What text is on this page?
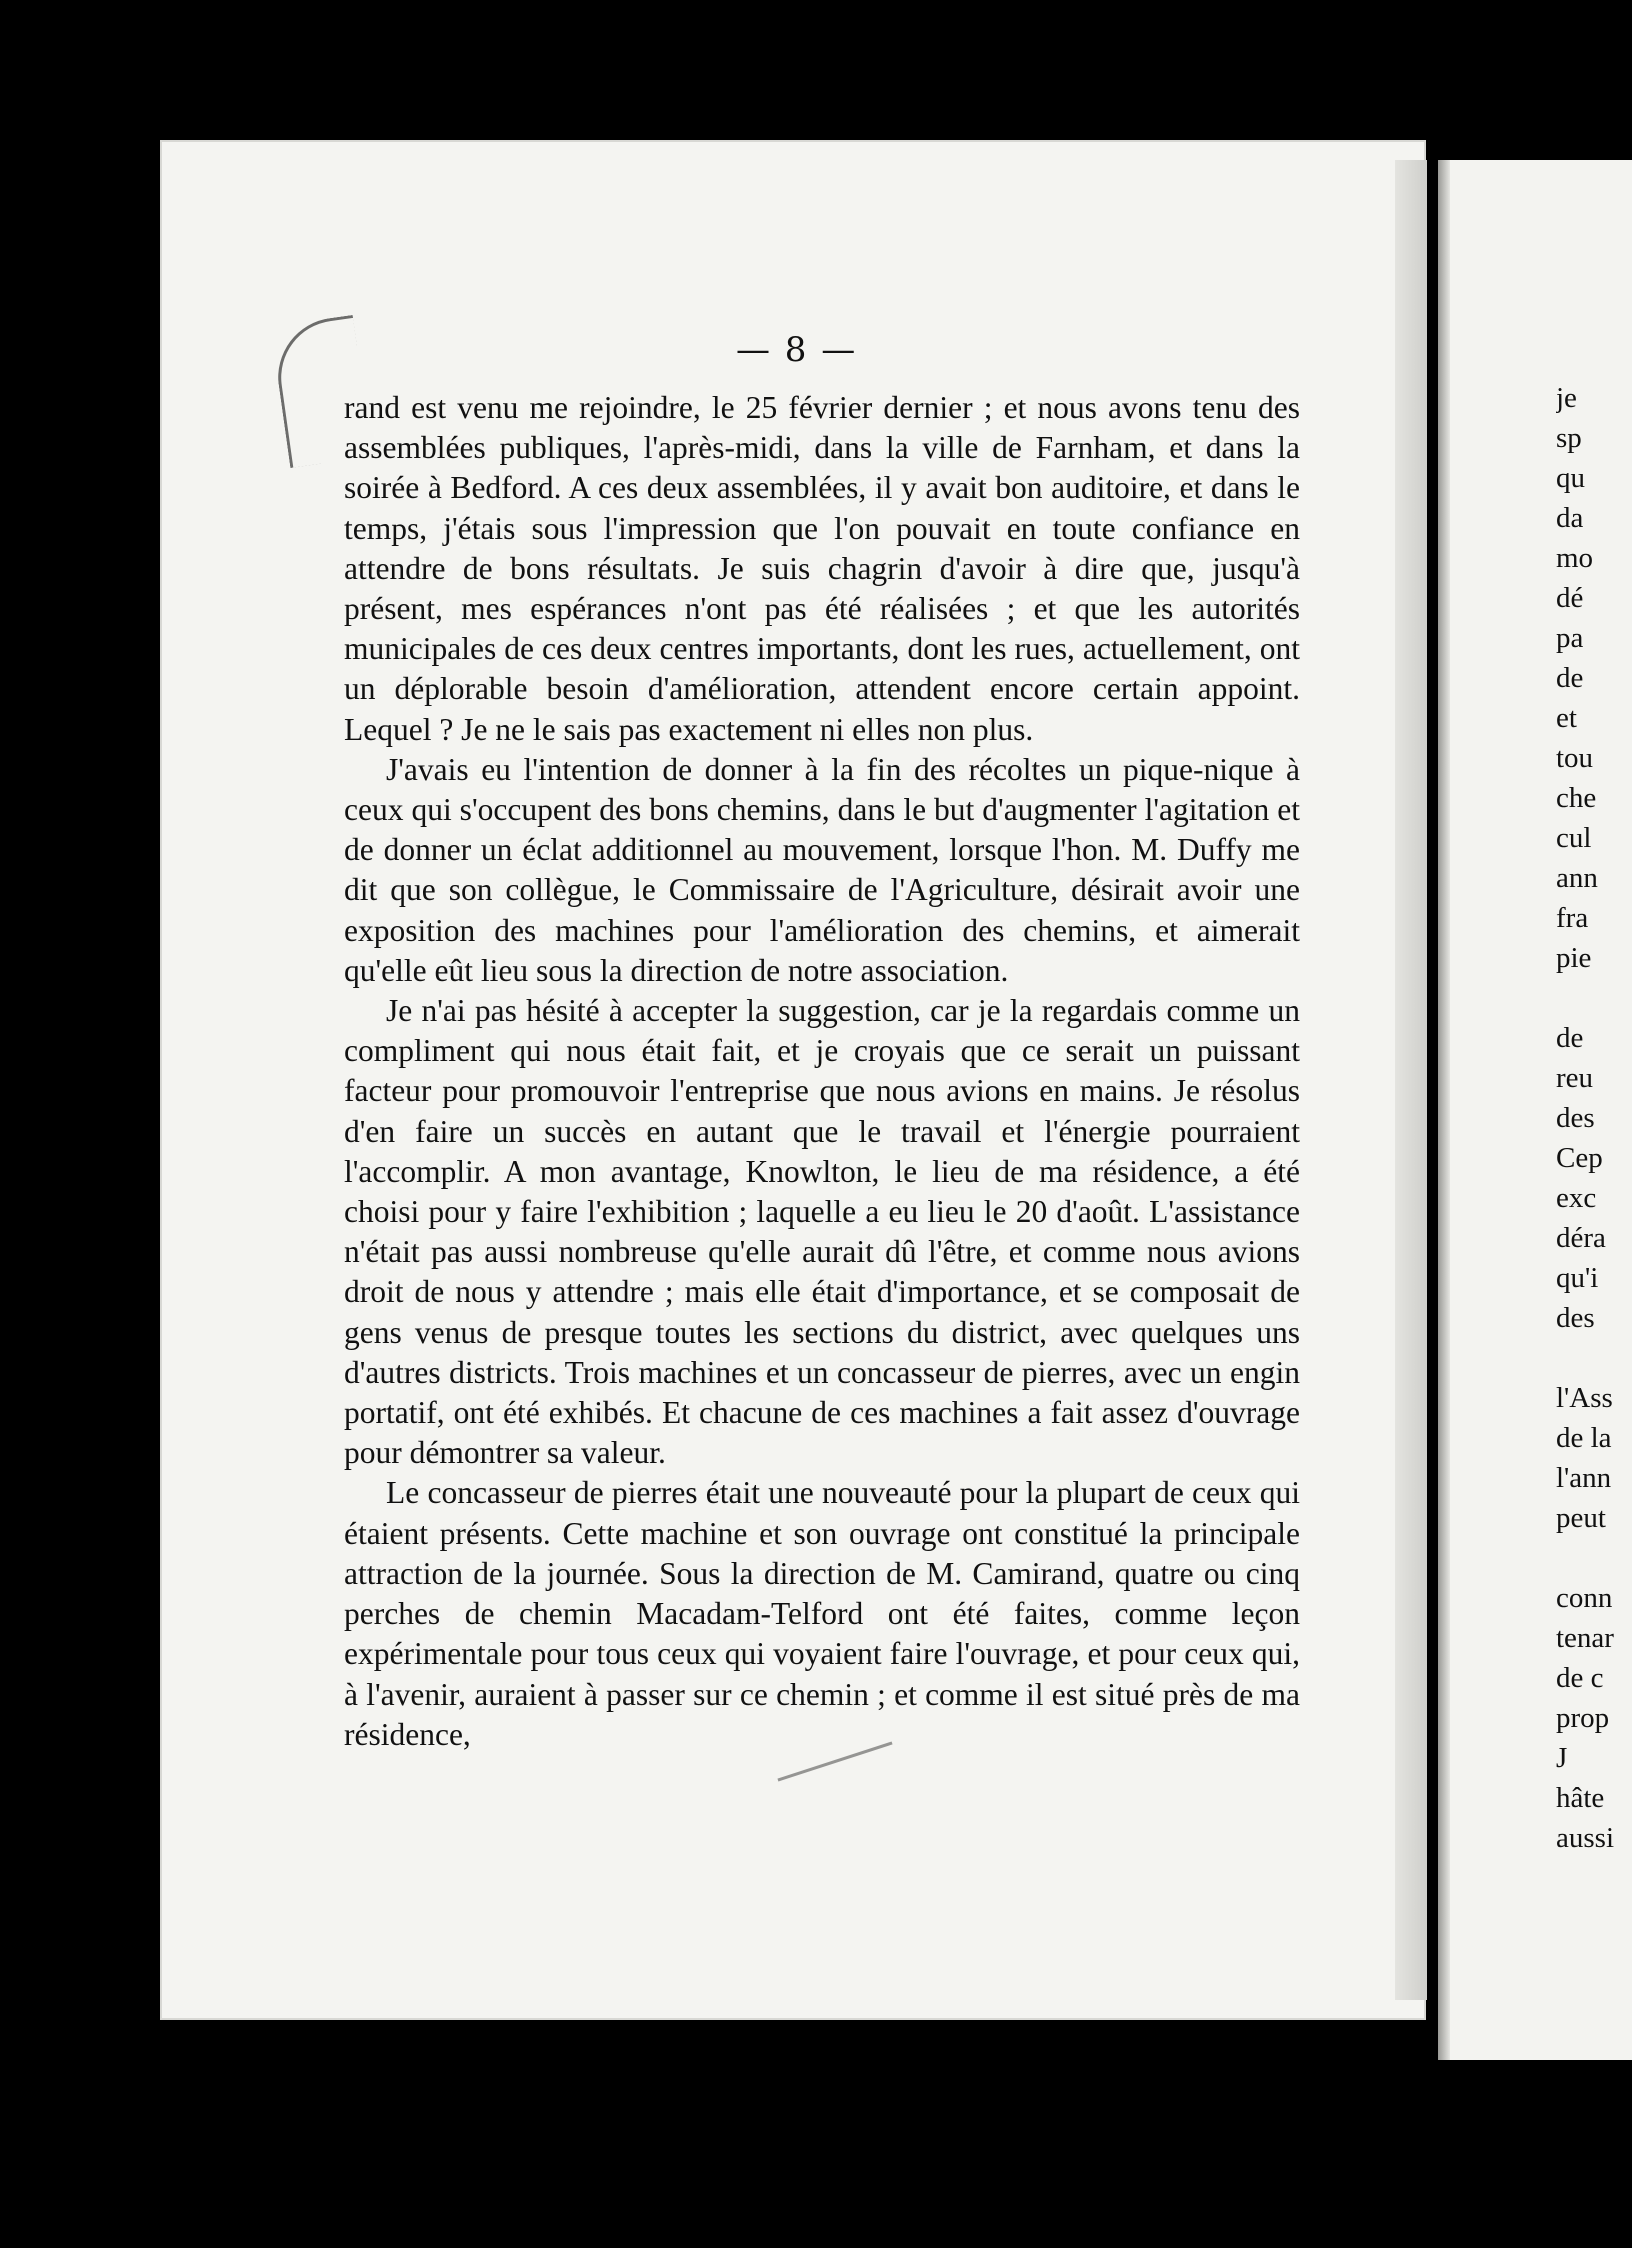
— 8 —

rand est venu me rejoindre, le 25 février dernier ; et nous avons tenu des assemblées publiques, l'après-midi, dans la ville de Farnham, et dans la soirée à Bedford. A ces deux assemblées, il y avait bon auditoire, et dans le temps, j'étais sous l'impression que l'on pouvait en toute confiance en attendre de bons résultats. Je suis chagrin d'avoir à dire que, jusqu'à présent, mes espérances n'ont pas été réalisées ; et que les autorités municipales de ces deux centres importants, dont les rues, actuellement, ont un déplorable besoin d'amélioration, attendent encore certain appoint. Lequel ? Je ne le sais pas exactement ni elles non plus.

J'avais eu l'intention de donner à la fin des récoltes un pique-nique à ceux qui s'occupent des bons chemins, dans le but d'augmenter l'agitation et de donner un éclat additionnel au mouvement, lorsque l'hon. M. Duffy me dit que son collègue, le Commissaire de l'Agriculture, désirait avoir une exposition des machines pour l'amélioration des chemins, et aimerait qu'elle eût lieu sous la direction de notre association.

Je n'ai pas hésité à accepter la suggestion, car je la regardais comme un compliment qui nous était fait, et je croyais que ce serait un puissant facteur pour promouvoir l'entreprise que nous avions en mains. Je résolus d'en faire un succès en autant que le travail et l'énergie pourraient l'accomplir. A mon avantage, Knowlton, le lieu de ma résidence, a été choisi pour y faire l'exhibition ; laquelle a eu lieu le 20 d'août. L'assistance n'était pas aussi nombreuse qu'elle aurait dû l'être, et comme nous avions droit de nous y attendre ; mais elle était d'importance, et se composait de gens venus de presque toutes les sections du district, avec quelques uns d'autres districts. Trois machines et un concasseur de pierres, avec un engin portatif, ont été exhibés. Et chacune de ces machines a fait assez d'ouvrage pour démontrer sa valeur.

Le concasseur de pierres était une nouveauté pour la plupart de ceux qui étaient présents. Cette machine et son ouvrage ont constitué la principale attraction de la journée. Sous la direction de M. Camirand, quatre ou cinq perches de chemin Macadam-Telford ont été faites, comme leçon expérimentale pour tous ceux qui voyaient faire l'ouvrage, et pour ceux qui, à l'avenir, auraient à passer sur ce chemin ; et comme il est situé près de ma résidence,

je
sp
qu
da
mo
dé
pa
de
et
tou
che
cul
ann
fra
pie
de
reu
des
Cep
exc
déra
qu'i
des
l'Ass
de la
l'ann
peut
conn
tenar
de c
prop
J
hâte
aussi
